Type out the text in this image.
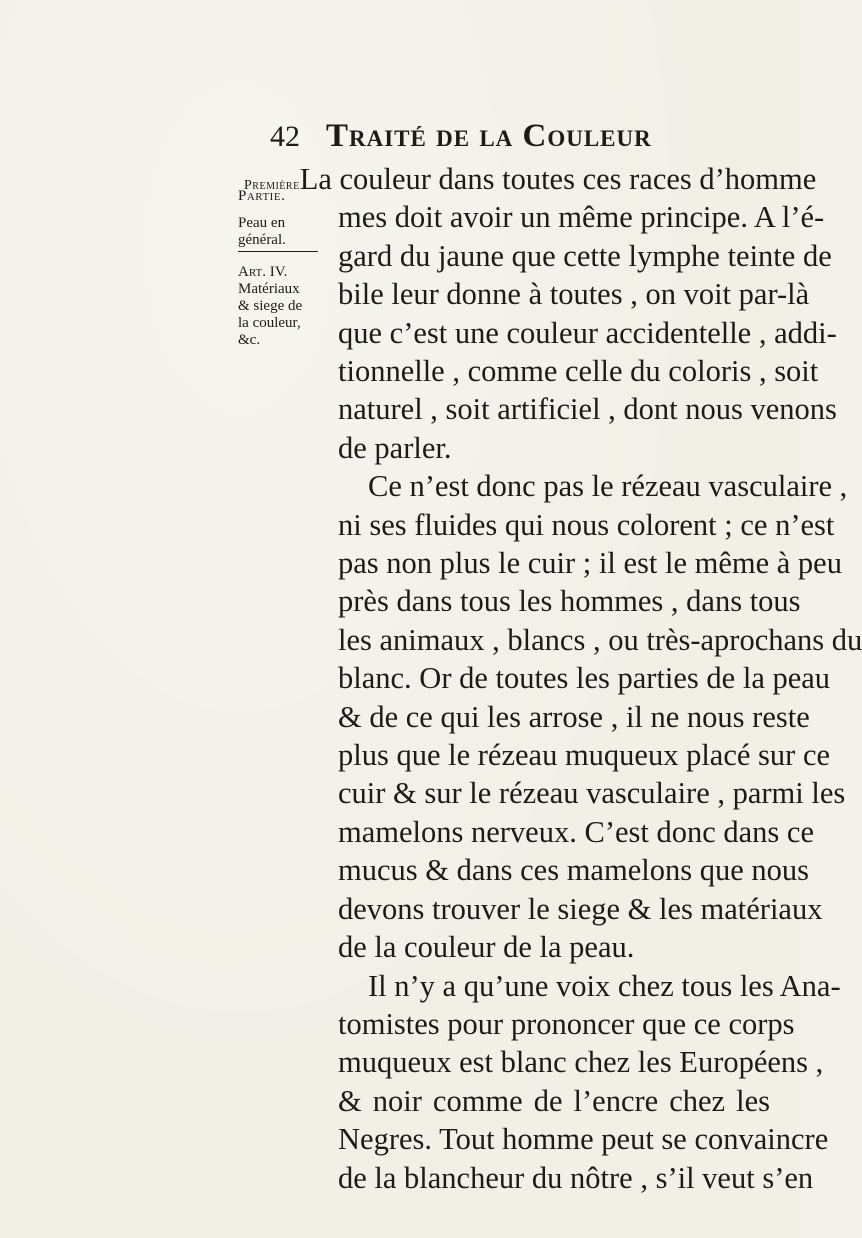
42 Traité de la Couleur
Première La couleur dans toutes ces races d’homme
Partie.
Peau en
général.
Art. IV.
Matériaux
& siege de
la couleur,
&c.
mes doit avoir un même principe. A l’é-
gard du jaune que cette lymphe teinte de
bile leur donne à toutes , on voit par-là
que c’est une couleur accidentelle , addi-
tionnelle , comme celle du coloris , soit
naturel , soit artificiel , dont nous venons
de parler.
Ce n’est donc pas le rézeau vasculaire ,
ni ses fluides qui nous colorent ; ce n’est
pas non plus le cuir ; il est le même à peu
près dans tous les hommes , dans tous
les animaux , blancs , ou très-aprochans du
blanc. Or de toutes les parties de la peau
& de ce qui les arrose , il ne nous reste
plus que le rézeau muqueux placé sur ce
cuir & sur le rézeau vasculaire , parmi les
mamelons nerveux. C’est donc dans ce
mucus & dans ces mamelons que nous
devons trouver le siege & les matériaux
de la couleur de la peau.
Il n’y a qu’une voix chez tous les Ana-
tomistes pour prononcer que ce corps
muqueux est blanc chez les Européens ,
& noir comme de l’encre chez les
Negres. Tout homme peut se convaincre
de la blancheur du nôtre , s’il veut s’en
